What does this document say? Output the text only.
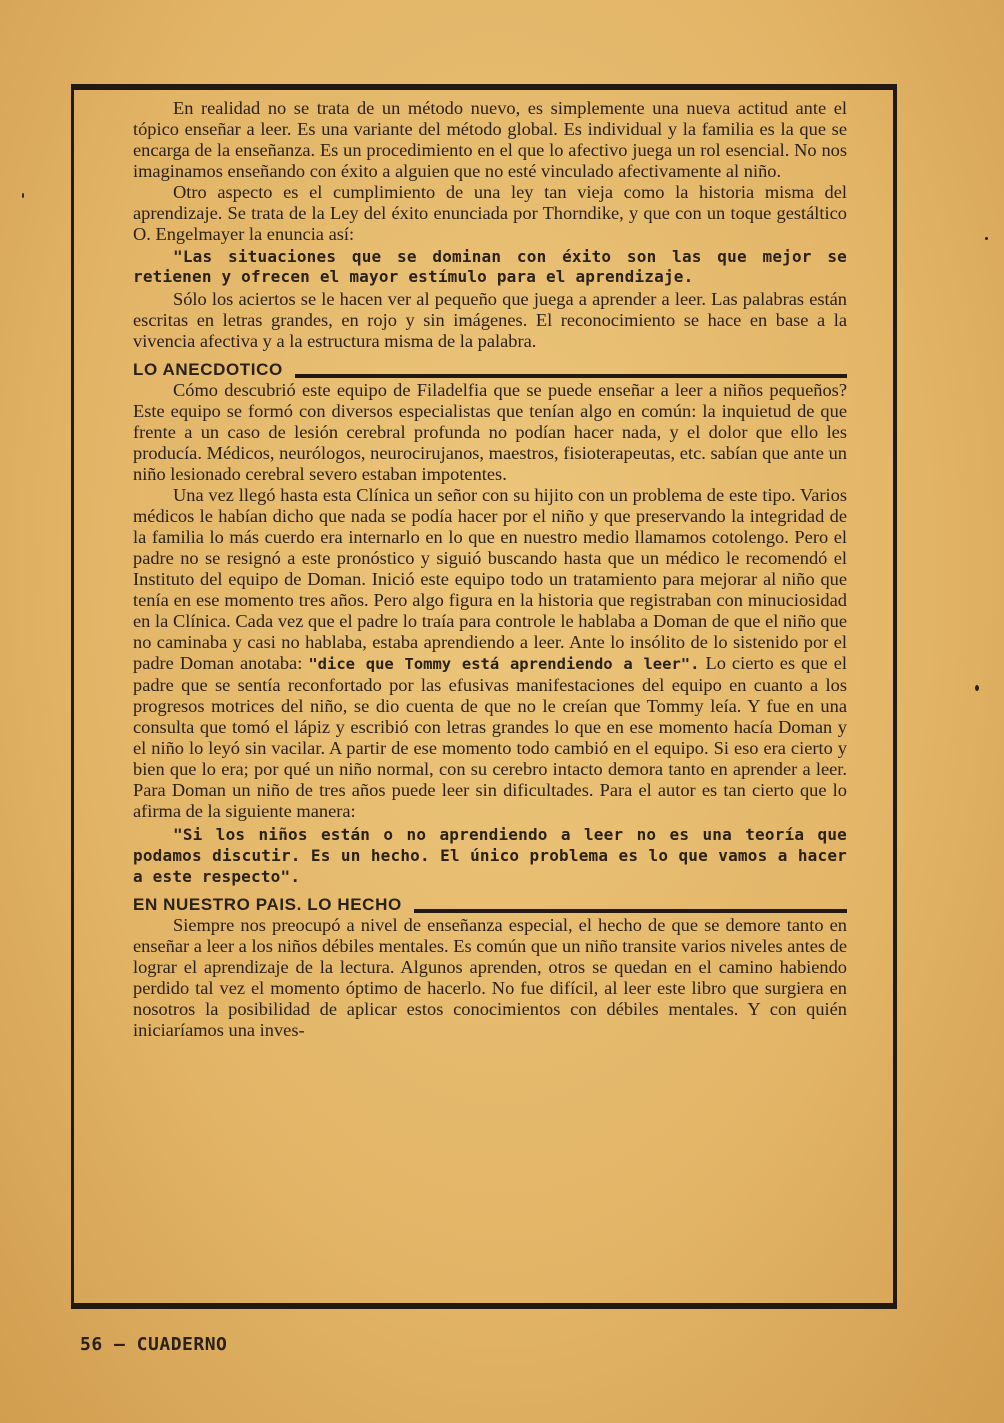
En realidad no se trata de un método nuevo, es simplemente una nueva actitud ante el tópico enseñar a leer. Es una variante del método global. Es individual y la familia es la que se encarga de la enseñanza. Es un procedimiento en el que lo afectivo juega un rol esencial. No nos imaginamos enseñando con éxito a alguien que no esté vinculado afectivamente al niño.

Otro aspecto es el cumplimiento de una ley tan vieja como la historia misma del aprendizaje. Se trata de la Ley del éxito enunciada por Thorndike, y que con un toque gestáltico O. Engelmayer la enuncia así:

"Las situaciones que se dominan con éxito son las que mejor se retienen y ofrecen el mayor estímulo para el aprendizaje.

Sólo los aciertos se le hacen ver al pequeño que juega a aprender a leer. Las palabras están escritas en letras grandes, en rojo y sin imágenes. El reconocimiento se hace en base a la vivencia afectiva y a la estructura misma de la palabra.

LO ANECDOTICO

Cómo descubrió este equipo de Filadelfia que se puede enseñar a leer a niños pequeños? Este equipo se formó con diversos especialistas que tenían algo en común: la inquietud de que frente a un caso de lesión cerebral profunda no podían hacer nada, y el dolor que ello les producía. Médicos, neurólogos, neurocirujanos, maestros, fisioterapeutas, etc. sabían que ante un niño lesionado cerebral severo estaban impotentes.

Una vez llegó hasta esta Clínica un señor con su hijito con un problema de este tipo. Varios médicos le habían dicho que nada se podía hacer por el niño y que preservando la integridad de la familia lo más cuerdo era internarlo en lo que en nuestro medio llamamos cotolengo. Pero el padre no se resignó a este pronóstico y siguió buscando hasta que un médico le recomendó el Instituto del equipo de Doman. Inició este equipo todo un tratamiento para mejorar al niño que tenía en ese momento tres años. Pero algo figura en la historia que registraban con minuciosidad en la Clínica. Cada vez que el padre lo traía para controle le hablaba a Doman de que el niño que no caminaba y casi no hablaba, estaba aprendiendo a leer. Ante lo insólito de lo sistenido por el padre Doman anotaba: "dice que Tommy está aprendiendo a leer". Lo cierto es que el padre que se sentía reconfortado por las efusivas manifestaciones del equipo en cuanto a los progresos motrices del niño, se dio cuenta de que no le creían que Tommy leía. Y fue en una consulta que tomó el lápiz y escribió con letras grandes lo que en ese momento hacía Doman y el niño lo leyó sin vacilar. A partir de ese momento todo cambió en el equipo. Si eso era cierto y bien que lo era; por qué un niño normal, con su cerebro intacto demora tanto en aprender a leer. Para Doman un niño de tres años puede leer sin dificultades. Para el autor es tan cierto que lo afirma de la siguiente manera:

"Si los niños están o no aprendiendo a leer no es una teoría que podamos discutir. Es un hecho. El único problema es lo que vamos a hacer a este respecto".

EN NUESTRO PAIS. LO HECHO

Siempre nos preocupó a nivel de enseñanza especial, el hecho de que se demore tanto en enseñar a leer a los niños débiles mentales. Es común que un niño transite varios niveles antes de lograr el aprendizaje de la lectura. Algunos aprenden, otros se quedan en el camino habiendo perdido tal vez el momento óptimo de hacerlo. No fue difícil, al leer este libro que surgiera en nosotros la posibilidad de aplicar estos conocimientos con débiles mentales. Y con quién iniciaríamos una inves-

56 — CUADERNO
